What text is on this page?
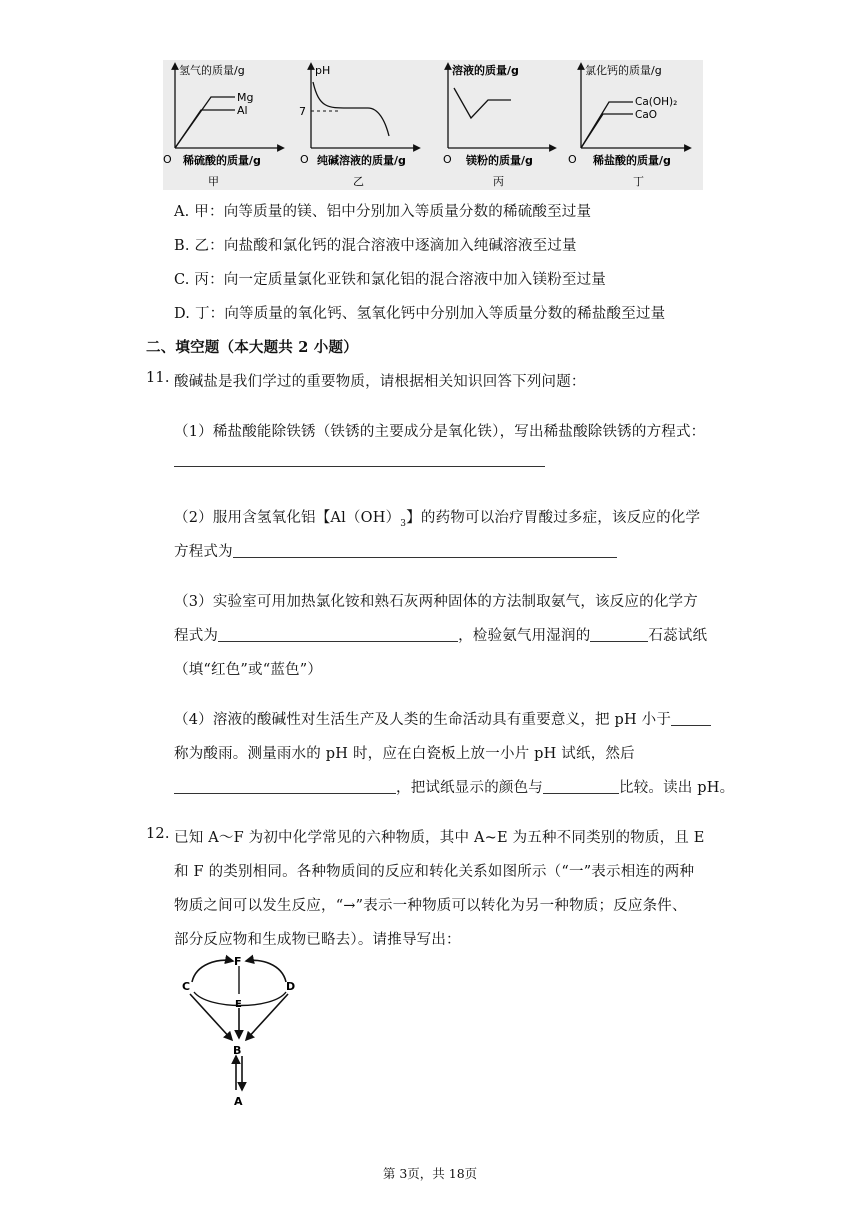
氢气的质量/g
Mg
Al
O 稀硫酸的质量/g
甲
pH
7
O 纯碱溶液的质量/g
乙
溶液的质量/g
O 镁粉的质量/g
丙
氯化钙的质量/g
Ca(OH)₂
CaO
O 稀盐酸的质量/g
丁
A. 甲：向等质量的镁、铝中分别加入等质量分数的稀硫酸至过量
B. 乙：向盐酸和氯化钙的混合溶液中逐滴加入纯碱溶液至过量
C. 丙：向一定质量氯化亚铁和氯化铝的混合溶液中加入镁粉至过量
D. 丁：向等质量的氧化钙、氢氧化钙中分别加入等质量分数的稀盐酸至过量
二、填空题（本大题共 2 小题）
11. 酸碱盐是我们学过的重要物质，请根据相关知识回答下列问题：
（1）稀盐酸能除铁锈（铁锈的主要成分是氧化铁），写出稀盐酸除铁锈的方程式：
（2）服用含氢氧化铝【$Al(OH)_3$】的药物可以治疗胃酸过多症，该反应的化学
方程式为
（3）实验室可用加热氯化铵和熟石灰两种固体的方法制取氨气，该反应的化学方
程式为	，检验氨气用湿润的	石蕊试纸
（填“红色”或“蓝色”）
（4）溶液的酸碱性对生活生产及人类的生命活动具有重要意义，把 pH 小于
称为酸雨。测量雨水的 pH 时，应在白瓷板上放一小片 pH 试纸，然后
，把试纸显示的颜色与	比较。读出 pH。
12. 已知 A～F 为初中化学常见的六种物质，其中 A~E 为五种不同类别的物质，且 E
和 F 的类别相同。各种物质间的反应和转化关系如图所示（“一”表示相连的两种
物质之间可以发生反应，“→”表示一种物质可以转化为另一种物质；反应条件、
部分反应物和生成物已略去）。请推导写出：
F
C	D
E
B
A
第 3页，共 18页
